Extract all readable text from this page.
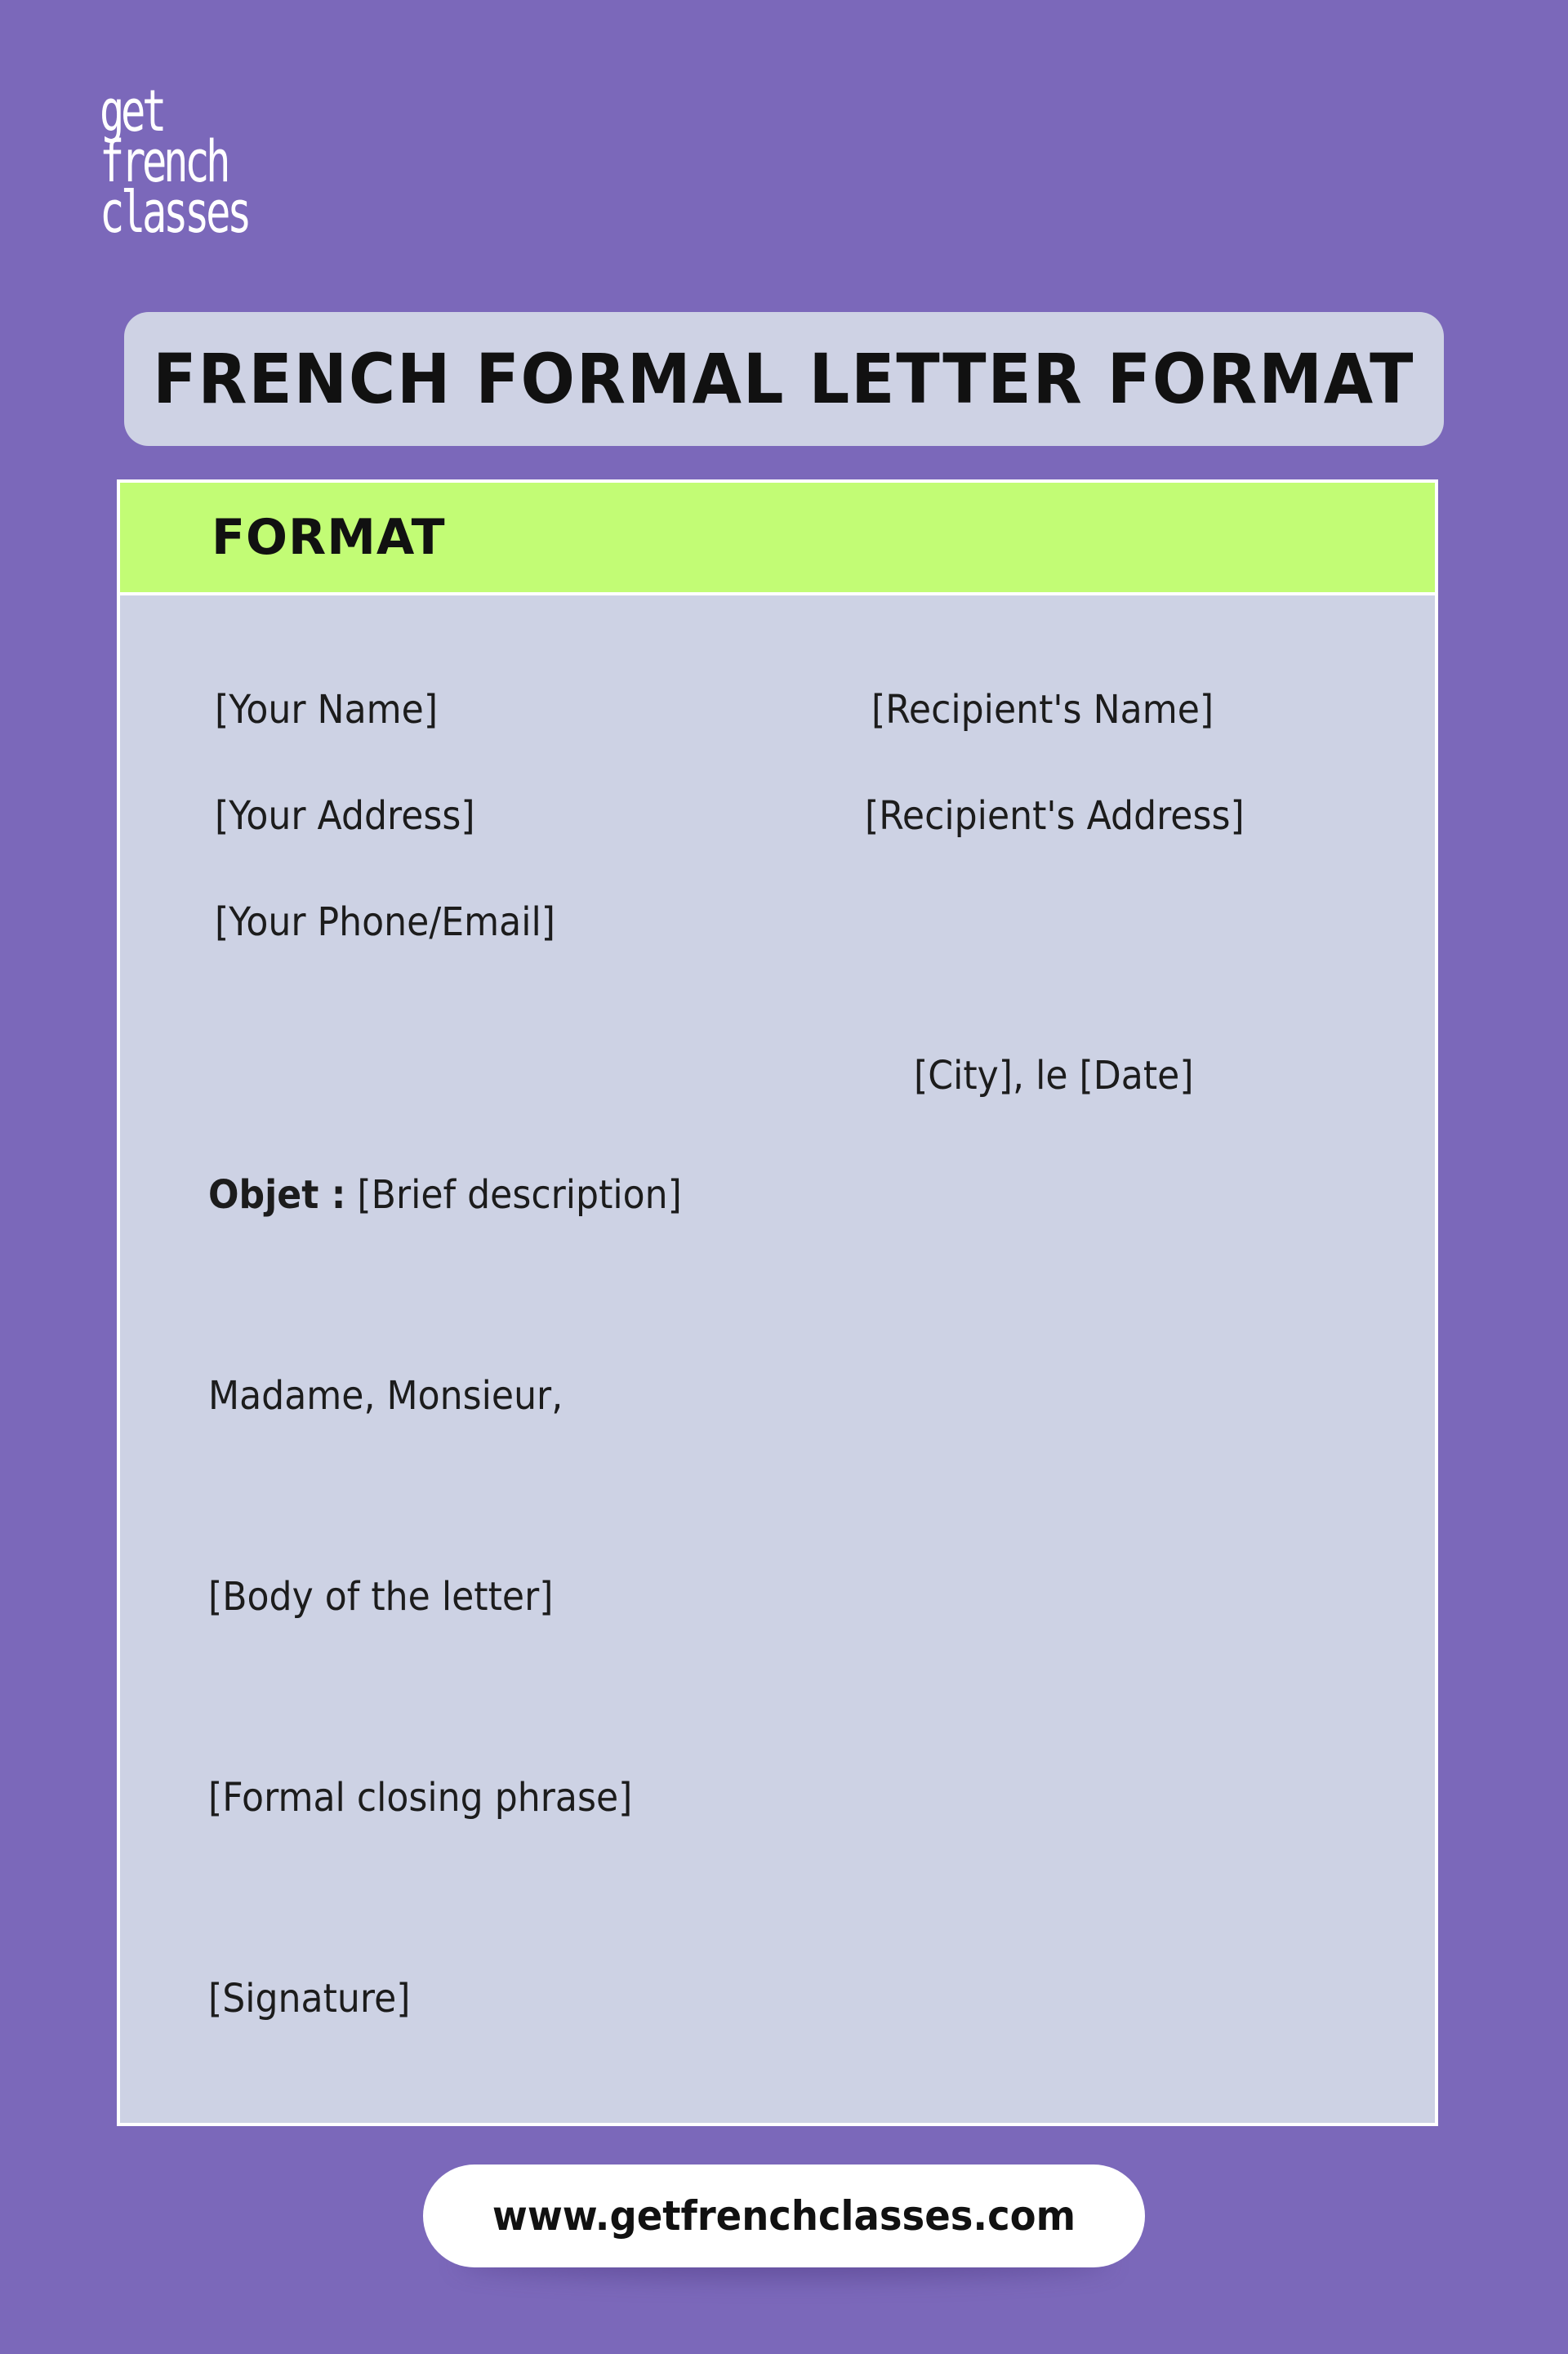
get
french
classes
FRENCH FORMAL LETTER FORMAT
FORMAT
[Your Name]	[Recipient's Name]
[Your Address]	[Recipient's Address]
[Your Phone/Email]
[City], le [Date]
Objet : [Brief description]
Madame, Monsieur,
[Body of the letter]
[Formal closing phrase]
[Signature]
www.getfrenchclasses.com
